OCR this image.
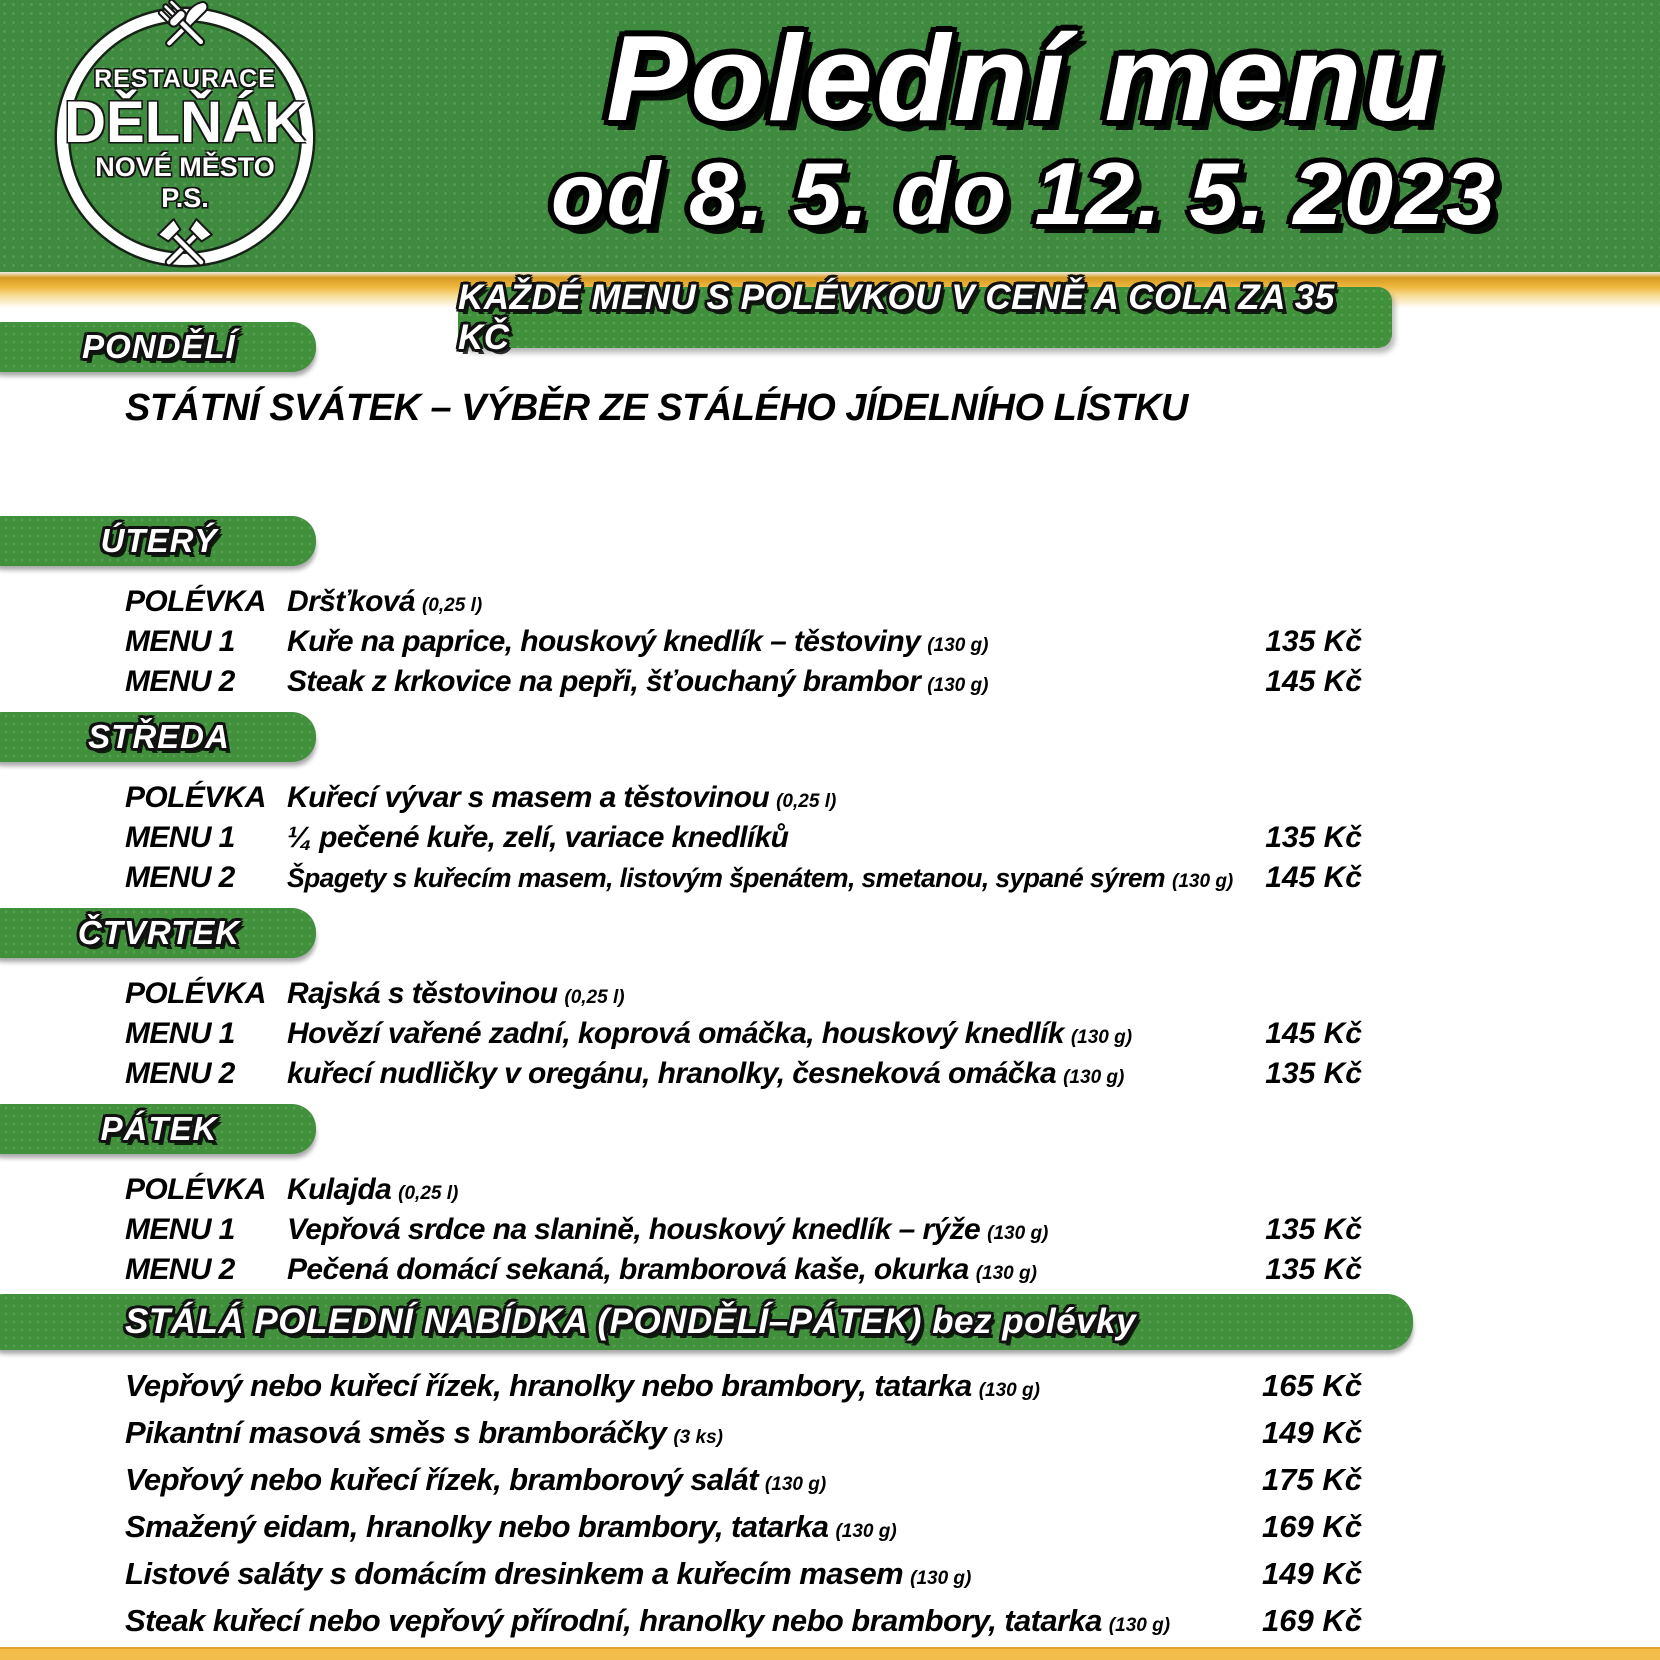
RESTAURACE
DĚLŇÁK
NOVÉ MĚSTO P.S.
Polední menu
od 8. 5. do 12. 5. 2023
KAŽDÉ MENU S POLÉVKOU V CENĚ A COLA ZA 35 KČ
PONDĚLÍ
STÁTNÍ SVÁTEK – VÝBĚR ZE STÁLÉHO JÍDELNÍHO LÍSTKU
ÚTERÝ
POLÉVKA Dršťková (0,25 l)
MENU 1	Kuře na paprice, houskový knedlík – těstoviny (130 g)	135 Kč
MENU 2	Steak z krkovice na pepři, šťouchaný brambor (130 g)	145 Kč
STŘEDA
POLÉVKA Kuřecí vývar s masem a těstovinou (0,25 l)
MENU 1	¼ pečené kuře, zelí, variace knedlíků	135 Kč
MENU 2	Špagety s kuřecím masem, listovým špenátem, smetanou, sypané sýrem (130 g)	145 Kč
ČTVRTEK
POLÉVKA Rajská s těstovinou (0,25 l)
MENU 1	Hovězí vařené zadní, koprová omáčka, houskový knedlík (130 g)	145 Kč
MENU 2	kuřecí nudličky v oregánu, hranolky, česneková omáčka (130 g)	135 Kč
PÁTEK
POLÉVKA Kulajda (0,25 l)
MENU 1	Vepřová srdce na slanině, houskový knedlík – rýže (130 g)	135 Kč
MENU 2	Pečená domácí sekaná, bramborová kaše, okurka (130 g)	135 Kč
STÁLÁ POLEDNÍ NABÍDKA (PONDĚLÍ–PÁTEK) bez polévky
Vepřový nebo kuřecí řízek, hranolky nebo brambory, tatarka (130 g)	165 Kč
Pikantní masová směs s bramboráčky (3 ks)	149 Kč
Vepřový nebo kuřecí řízek, bramborový salát (130 g)	175 Kč
Smažený eidam, hranolky nebo brambory, tatarka (130 g)	169 Kč
Listové saláty s domácím dresinkem a kuřecím masem (130 g)	149 Kč
Steak kuřecí nebo vepřový přírodní, hranolky nebo brambory, tatarka (130 g)	169 Kč
